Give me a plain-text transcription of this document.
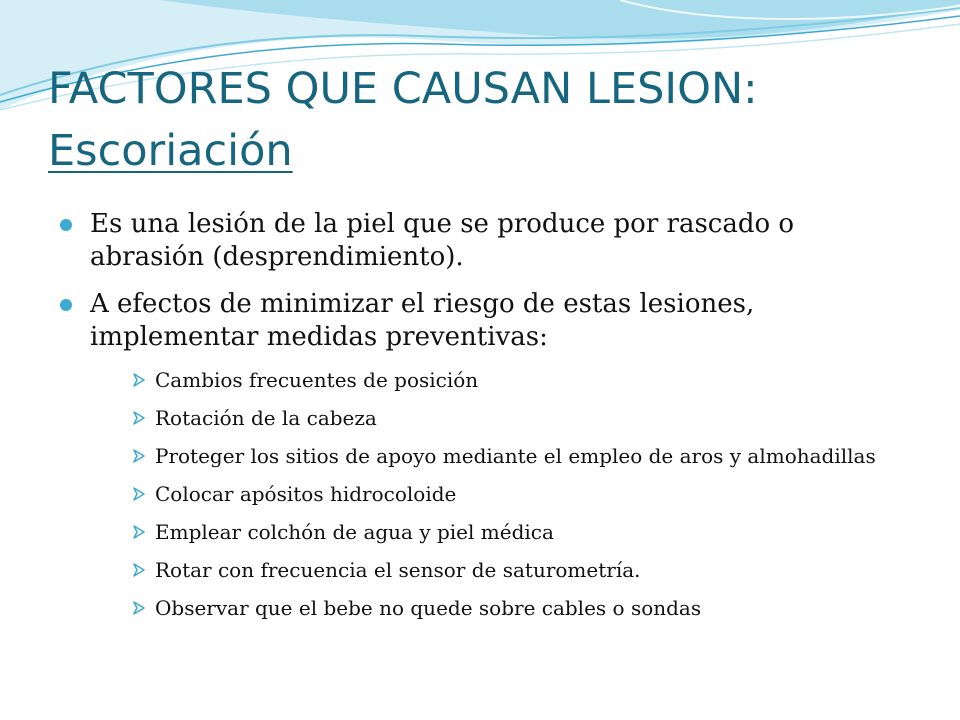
FACTORES QUE CAUSAN LESION:
Escoriación
Es una lesión de la piel que se produce por rascado o abrasión (desprendimiento).
A efectos de minimizar el riesgo de estas lesiones, implementar medidas preventivas:
Cambios frecuentes de posición
Rotación de la cabeza
Proteger los sitios de apoyo mediante el empleo de aros y almohadillas
Colocar apósitos hidrocoloide
Emplear colchón de agua y piel médica
Rotar con frecuencia el sensor de saturometría.
Observar que el bebe no quede sobre cables o sondas
